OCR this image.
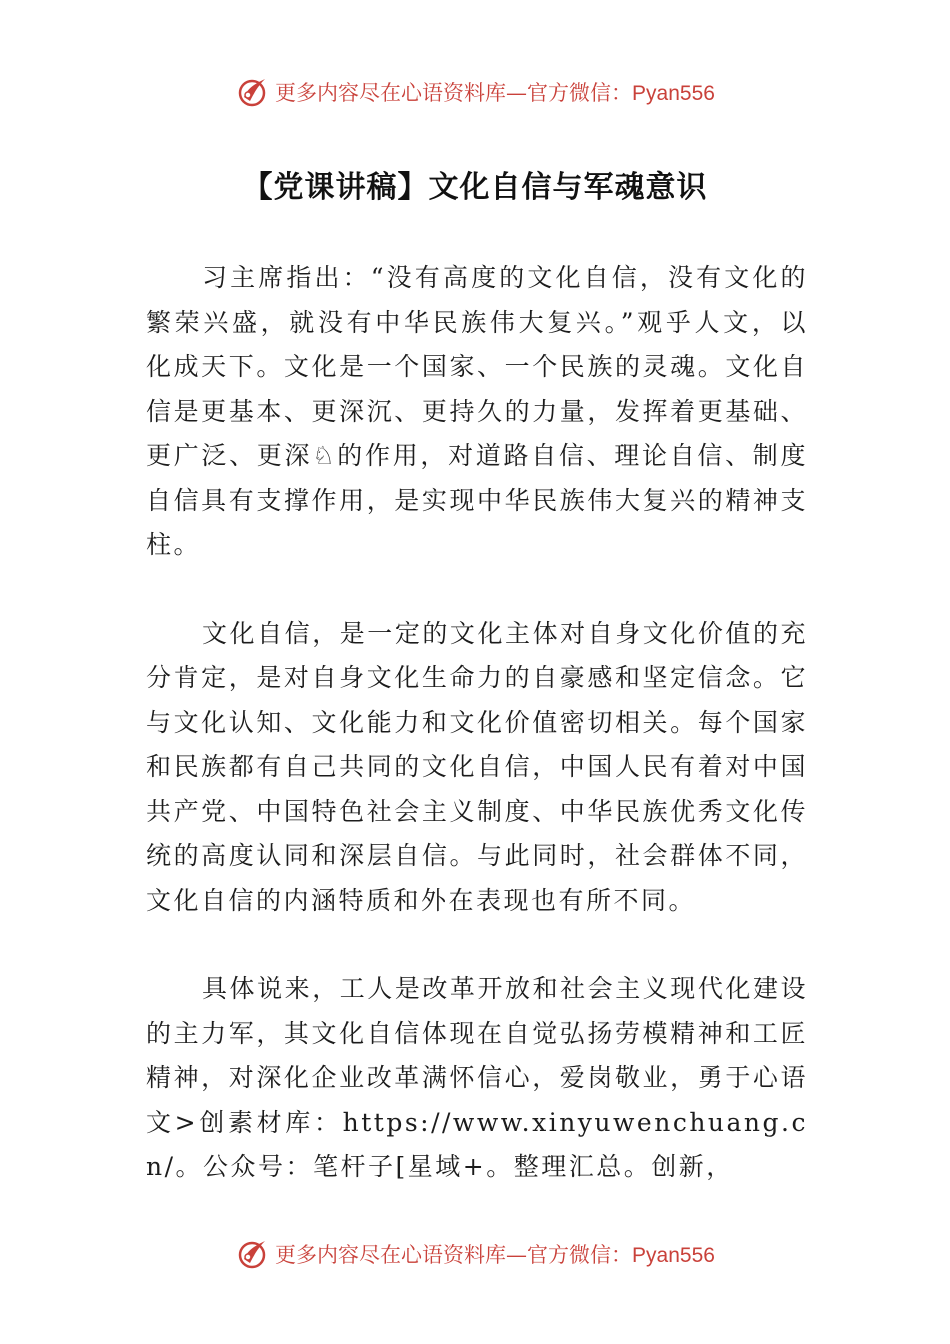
更多内容尽在心语资料库—官方微信：Pyan556
【党课讲稿】文化自信与军魂意识

习主席指出：“没有高度的文化自信，没有文化的繁荣兴盛，就没有中华民族伟大复兴。”观乎人文，以化成天下。文化是一个国家、一个民族的灵魂。文化自信是更基本、更深沉、更持久的力量，发挥着更基础、更广泛、更深​♘的作用，对道路自信、理论自信、制度自信具有支撑作用，是实现中华民族伟大复兴的精神支柱。

文化自信，是一定的文化主体对自身文化价值的充分肯定，是对自身文化生命力的自豪感和坚定信念。它与文化认知、文化能力和文化价值密切相关。每个国家和民族都有自己共同的文化自信，中国人民有着对中国共产党、中国特色社会主义制度、中华民族优秀文化传统的高度认同和深层自信。与此同时，社会群体不同，文化自信的内涵特质和外在表现也有所不同。

具体说来，工人是改革开放和社会主义现代化建设的主力军，其文化自信体现在自觉弘扬劳模精神和工匠精神，对深化企业改革满怀信心，爱岗敬业，勇于心语文>创素材库：https://www.xinyuwenchuang.cn/。公众号：笔杆子[星域+。整理汇总。创新，

更多内容尽在心语资料库—官方微信：Pyan556
